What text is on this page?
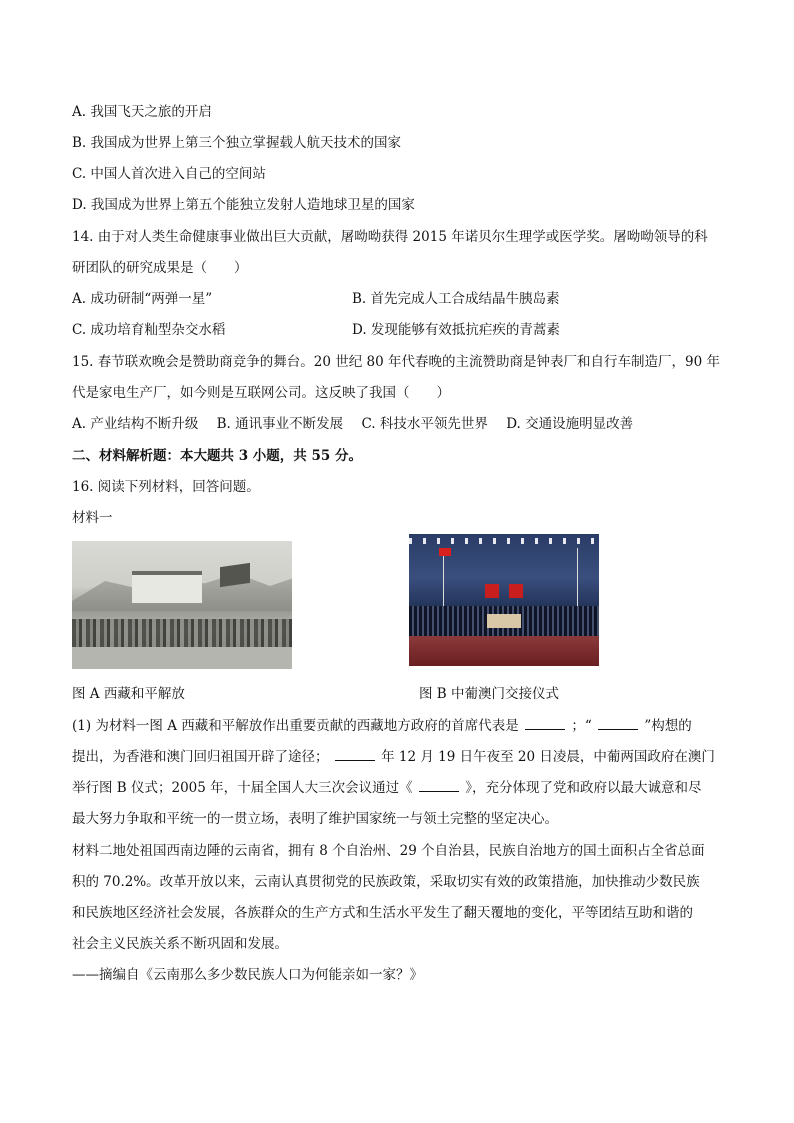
A. 我国飞天之旅的开启
B. 我国成为世界上第三个独立掌握载人航天技术的国家
C. 中国人首次进入自己的空间站
D. 我国成为世界上第五个能独立发射人造地球卫星的国家
14. 由于对人类生命健康事业做出巨大贡献，屠呦呦获得 2015 年诺贝尔生理学或医学奖。屠呦呦领导的科
研团队的研究成果是（　　）
A. 成功研制“两弹一星”	B. 首先完成人工合成结晶牛胰岛素
C. 成功培育籼型杂交水稻	D. 发现能够有效抵抗疟疾的青蒿素
15. 春节联欢晚会是赞助商竞争的舞台。20 世纪 80 年代春晚的主流赞助商是钟表厂和自行车制造厂，90 年
代是家电生产厂，如今则是互联网公司。这反映了我国（　　）
A. 产业结构不断升级 B. 通讯事业不断发展 C. 科技水平领先世界 D. 交通设施明显改善
二、材料解析题：本大题共 3 小题，共 55 分。
16. 阅读下列材料，回答问题。
材料一
图 A 西藏和平解放	图 B 中葡澳门交接仪式
(1) 为材料一图 A 西藏和平解放作出重要贡献的西藏地方政府的首席代表是	；“	”构想的
提出，为香港和澳门回归祖国开辟了途径；	年 12 月 19 日午夜至 20 日凌晨，中葡两国政府在澳门
举行图 B 仪式；2005 年，十届全国人大三次会议通过《	》，充分体现了党和政府以最大诚意和尽
最大努力争取和平统一的一贯立场，表明了维护国家统一与领土完整的坚定决心。
材料二地处祖国西南边陲的云南省，拥有 8 个自治州、29 个自治县，民族自治地方的国土面积占全省总面
积的 70.2%。改革开放以来，云南认真贯彻党的民族政策，采取切实有效的政策措施，加快推动少数民族
和民族地区经济社会发展，各族群众的生产方式和生活水平发生了翻天覆地的变化，平等团结互助和谐的
社会主义民族关系不断巩固和发展。
——摘编自《云南那么多少数民族人口为何能亲如一家？》
